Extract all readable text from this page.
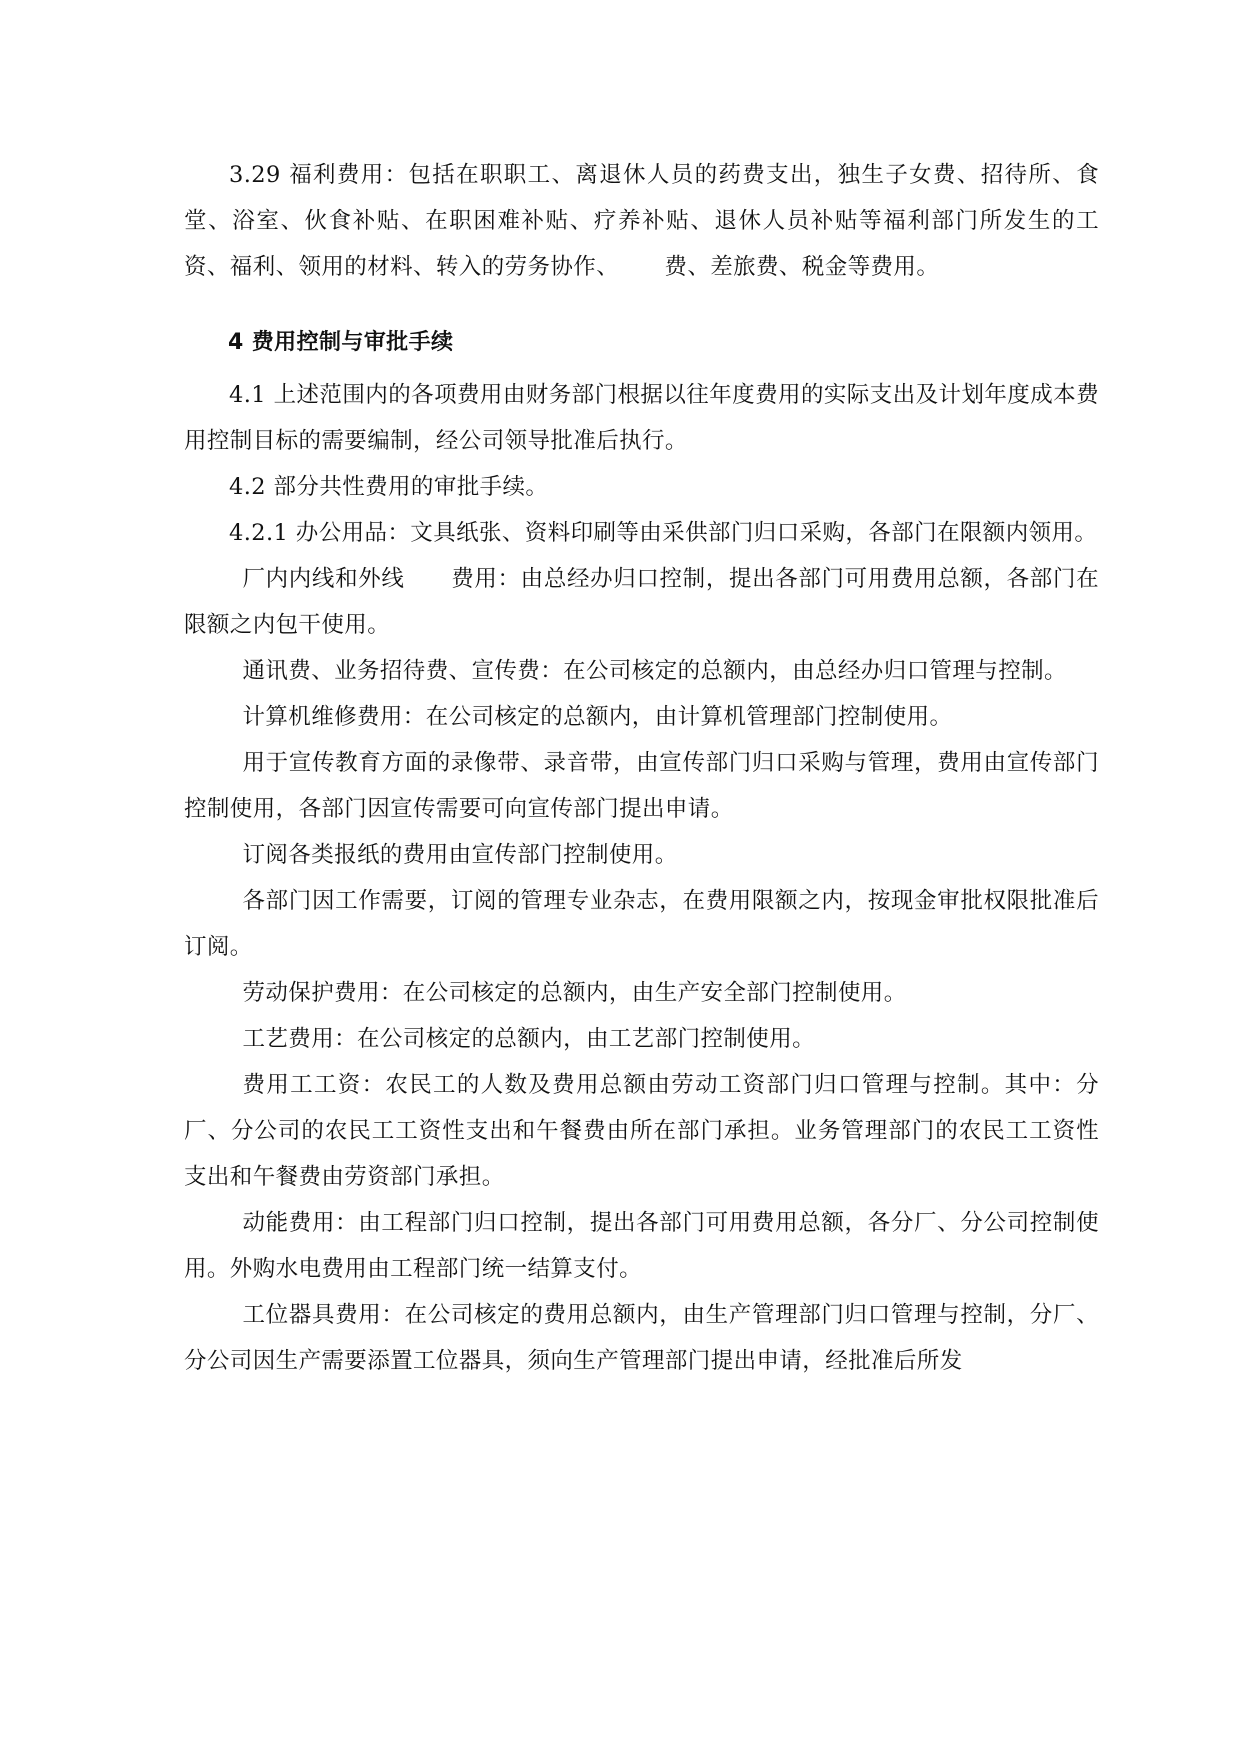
3.29 福利费用：包括在职职工、离退休人员的药费支出，独生子女费、招待所、食堂、浴室、伙食补贴、在职困难补贴、疗养补贴、退休人员补贴等福利部门所发生的工资、福利、领用的材料、转入的劳务协作、      费、差旅费、税金等费用。

4 费用控制与审批手续

4.1 上述范围内的各项费用由财务部门根据以往年度费用的实际支出及计划年度成本费用控制目标的需要编制，经公司领导批准后执行。

4.2 部分共性费用的审批手续。

4.2.1 办公用品：文具纸张、资料印刷等由采供部门归口采购，各部门在限额内领用。

厂内内线和外线      费用：由总经办归口控制，提出各部门可用费用总额，各部门在限额之内包干使用。

通讯费、业务招待费、宣传费：在公司核定的总额内，由总经办归口管理与控制。

计算机维修费用：在公司核定的总额内，由计算机管理部门控制使用。

用于宣传教育方面的录像带、录音带，由宣传部门归口采购与管理，费用由宣传部门控制使用，各部门因宣传需要可向宣传部门提出申请。

订阅各类报纸的费用由宣传部门控制使用。

各部门因工作需要，订阅的管理专业杂志，在费用限额之内，按现金审批权限批准后订阅。

劳动保护费用：在公司核定的总额内，由生产安全部门控制使用。

工艺费用：在公司核定的总额内，由工艺部门控制使用。

费用工工资：农民工的人数及费用总额由劳动工资部门归口管理与控制。其中：分厂、分公司的农民工工资性支出和午餐费由所在部门承担。业务管理部门的农民工工资性支出和午餐费由劳资部门承担。

动能费用：由工程部门归口控制，提出各部门可用费用总额，各分厂、分公司控制使用。外购水电费用由工程部门统一结算支付。

工位器具费用：在公司核定的费用总额内，由生产管理部门归口管理与控制，分厂、分公司因生产需要添置工位器具，须向生产管理部门提出申请，经批准后所发
